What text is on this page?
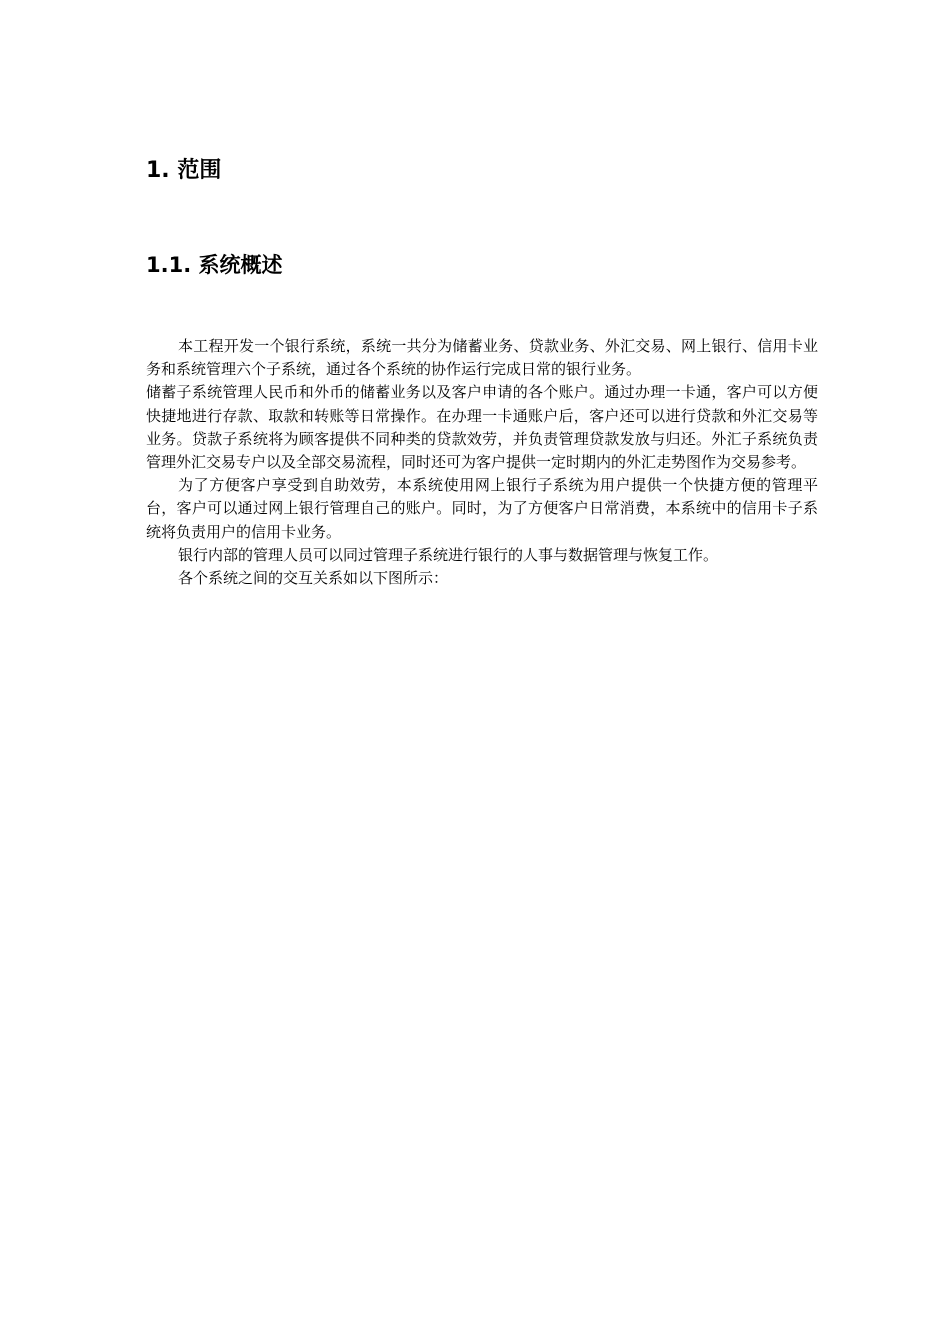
1. 范围
1.1. 系统概述

本工程开发一个银行系统，系统一共分为储蓄业务、贷款业务、外汇交易、网上银行、信用卡业务和系统管理六个子系统，通过各个系统的协作运行完成日常的银行业务。

储蓄子系统管理人民币和外币的储蓄业务以及客户申请的各个账户。通过办理一卡通，客户可以方便快捷地进行存款、取款和转账等日常操作。在办理一卡通账户后，客户还可以进行贷款和外汇交易等业务。贷款子系统将为顾客提供不同种类的贷款效劳，并负责管理贷款发放与归还。外汇子系统负责管理外汇交易专户以及全部交易流程，同时还可为客户提供一定时期内的外汇走势图作为交易参考。

为了方便客户享受到自助效劳，本系统使用网上银行子系统为用户提供一个快捷方便的管理平台，客户可以通过网上银行管理自己的账户。同时，为了方便客户日常消费，本系统中的信用卡子系统将负责用户的信用卡业务。

银行内部的管理人员可以同过管理子系统进行银行的人事与数据管理与恢复工作。

各个系统之间的交互关系如以下图所示：
